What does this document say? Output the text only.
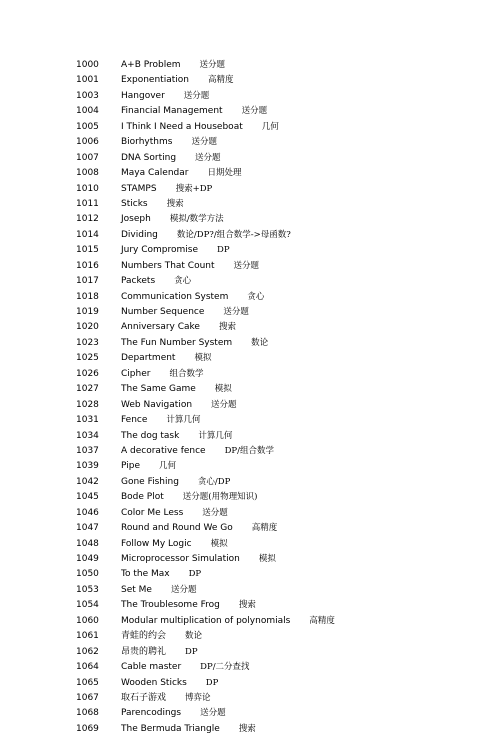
1000 A+B Problem 送分题
1001 Exponentiation 高精度
1003 Hangover 送分题
1004 Financial Management 送分题
1005 I Think I Need a Houseboat 几何
1006 Biorhythms 送分题
1007 DNA Sorting 送分题
1008 Maya Calendar 日期处理
1010 STAMPS 搜索+DP
1011 Sticks 搜索
1012 Joseph 模拟/数学方法
1014 Dividing 数论/DP?/组合数学->母函数?
1015 Jury Compromise DP
1016 Numbers That Count 送分题
1017 Packets 贪心
1018 Communication System 贪心
1019 Number Sequence 送分题
1020 Anniversary Cake 搜索
1023 The Fun Number System 数论
1025 Department 模拟
1026 Cipher 组合数学
1027 The Same Game 模拟
1028 Web Navigation 送分题
1031 Fence 计算几何
1034 The dog task 计算几何
1037 A decorative fence DP/组合数学
1039 Pipe 几何
1042 Gone Fishing 贪心/DP
1045 Bode Plot 送分题(用物理知识)
1046 Color Me Less 送分题
1047 Round and Round We Go 高精度
1048 Follow My Logic 模拟
1049 Microprocessor Simulation 模拟
1050 To the Max DP
1053 Set Me 送分题
1054 The Troublesome Frog 搜索
1060 Modular multiplication of polynomials 高精度
1061 青蛙的约会 数论
1062 昂贵的聘礼 DP
1064 Cable master DP/二分查找
1065 Wooden Sticks DP
1067 取石子游戏 博弈论
1068 Parencodings 送分题
1069 The Bermuda Triangle 搜索
